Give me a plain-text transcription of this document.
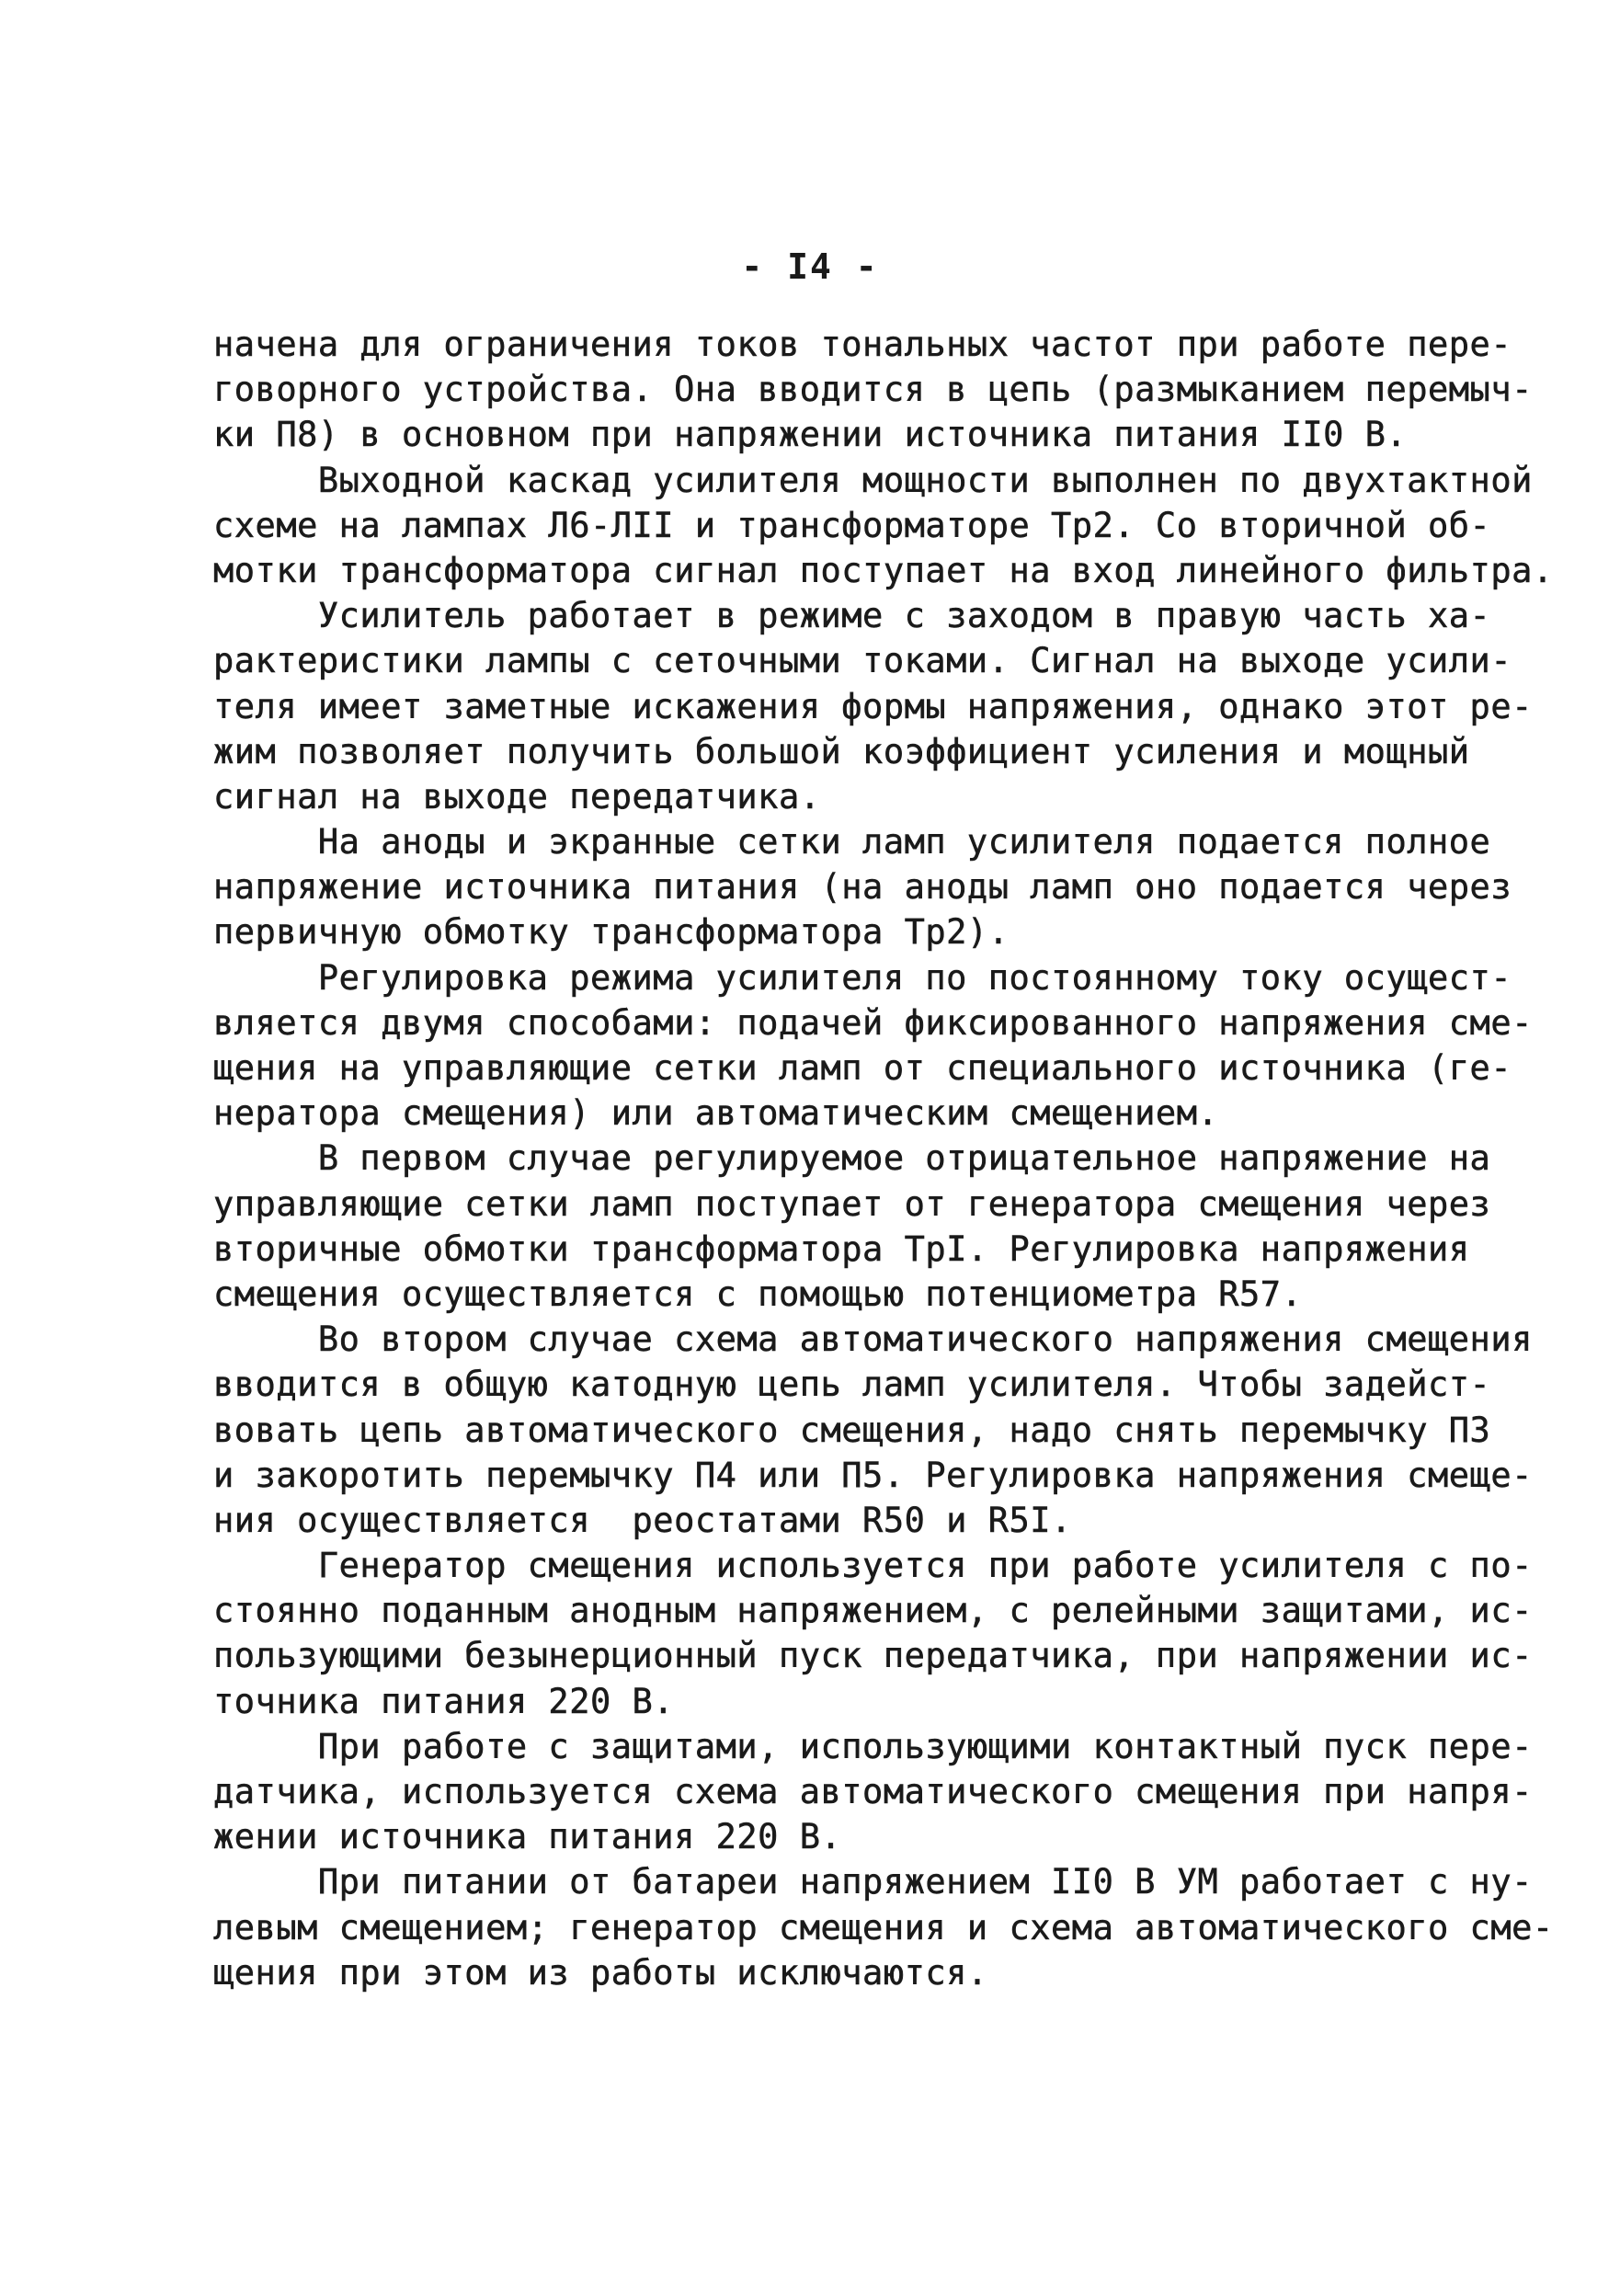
- I4 -
начена для ограничения токов тональных частот при работе пере-
говорного устройства. Она вводится в цепь (размыканием перемыч-
ки П8) в основном при напряжении источника питания II0 В.
Выходной каскад усилителя мощности выполнен по двухтактной
схеме на лампах Л6-ЛII и трансформаторе Тр2. Со вторичной об-
мотки трансформатора сигнал поступает на вход линейного фильтра.
Усилитель работает в режиме с заходом в правую часть ха-
рактеристики лампы с сеточными токами. Сигнал на выходе усили-
теля имеет заметные искажения формы напряжения, однако этот ре-
жим позволяет получить большой коэффициент усиления и мощный
сигнал на выходе передатчика.
На аноды и экранные сетки ламп усилителя подается полное
напряжение источника питания (на аноды ламп оно подается через
первичную обмотку трансформатора Тр2).
Регулировка режима усилителя по постоянному току осущест-
вляется двумя способами: подачей фиксированного напряжения сме-
щения на управляющие сетки ламп от специального источника (ге-
нератора смещения) или автоматическим смещением.
В первом случае регулируемое отрицательное напряжение на
управляющие сетки ламп поступает от генератора смещения через
вторичные обмотки трансформатора ТрI. Регулировка напряжения
смещения осуществляется с помощью потенциометра R57.
Во втором случае схема автоматического напряжения смещения
вводится в общую катодную цепь ламп усилителя. Чтобы задейст-
вовать цепь автоматического смещения, надо снять перемычку П3
и закоротить перемычку П4 или П5. Регулировка напряжения смеще-
ния осуществляется  реостатами R50 и R5I.
Генератор смещения используется при работе усилителя с по-
стоянно поданным анодным напряжением, с релейными защитами, ис-
пользующими безынерционный пуск передатчика, при напряжении ис-
точника питания 220 В.
При работе с защитами, использующими контактный пуск пере-
датчика, используется схема автоматического смещения при напря-
жении источника питания 220 В.
При питании от батареи напряжением II0 В УМ работает с ну-
левым смещением; генератор смещения и схема автоматического сме-
щения при этом из работы исключаются.
